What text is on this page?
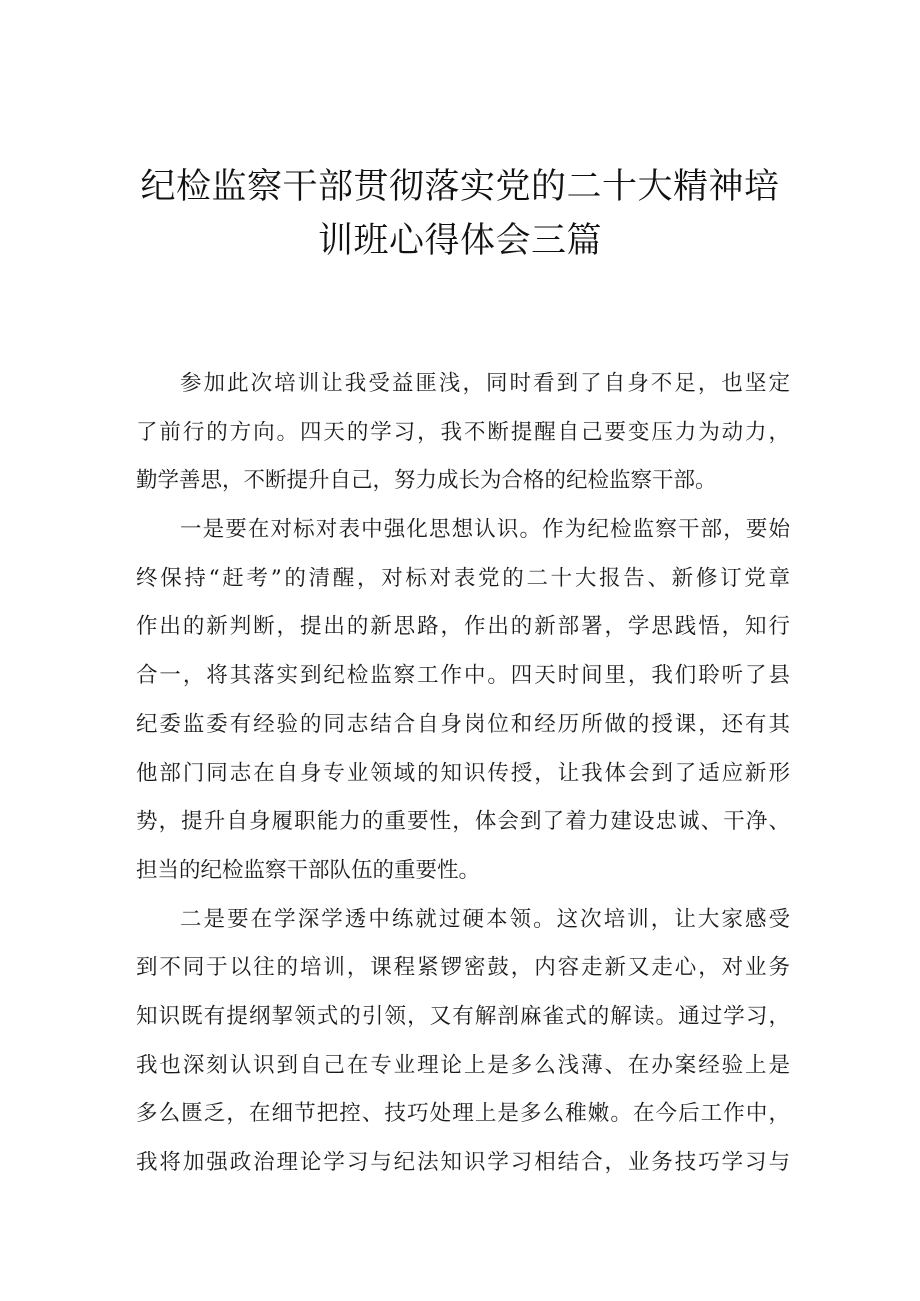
纪检监察干部贯彻落实党的二十大精神培
训班心得体会三篇
参加此次培训让我受益匪浅，同时看到了自身不足，也坚定
了前行的方向。四天的学习，我不断提醒自己要变压力为动力，
勤学善思，不断提升自己，努力成长为合格的纪检监察干部。
一是要在对标对表中强化思想认识。作为纪检监察干部，要始
终保持“赶考”的清醒，对标对表党的二十大报告、新修订党章
作出的新判断，提出的新思路，作出的新部署，学思践悟，知行
合一，将其落实到纪检监察工作中。四天时间里，我们聆听了县
纪委监委有经验的同志结合自身岗位和经历所做的授课，还有其
他部门同志在自身专业领域的知识传授，让我体会到了适应新形
势，提升自身履职能力的重要性，体会到了着力建设忠诚、干净、
担当的纪检监察干部队伍的重要性。
二是要在学深学透中练就过硬本领。这次培训，让大家感受
到不同于以往的培训，课程紧锣密鼓，内容走新又走心，对业务
知识既有提纲挈领式的引领，又有解剖麻雀式的解读。通过学习，
我也深刻认识到自己在专业理论上是多么浅薄、在办案经验上是
多么匮乏，在细节把控、技巧处理上是多么稚嫩。在今后工作中，
我将加强政治理论学习与纪法知识学习相结合，业务技巧学习与
